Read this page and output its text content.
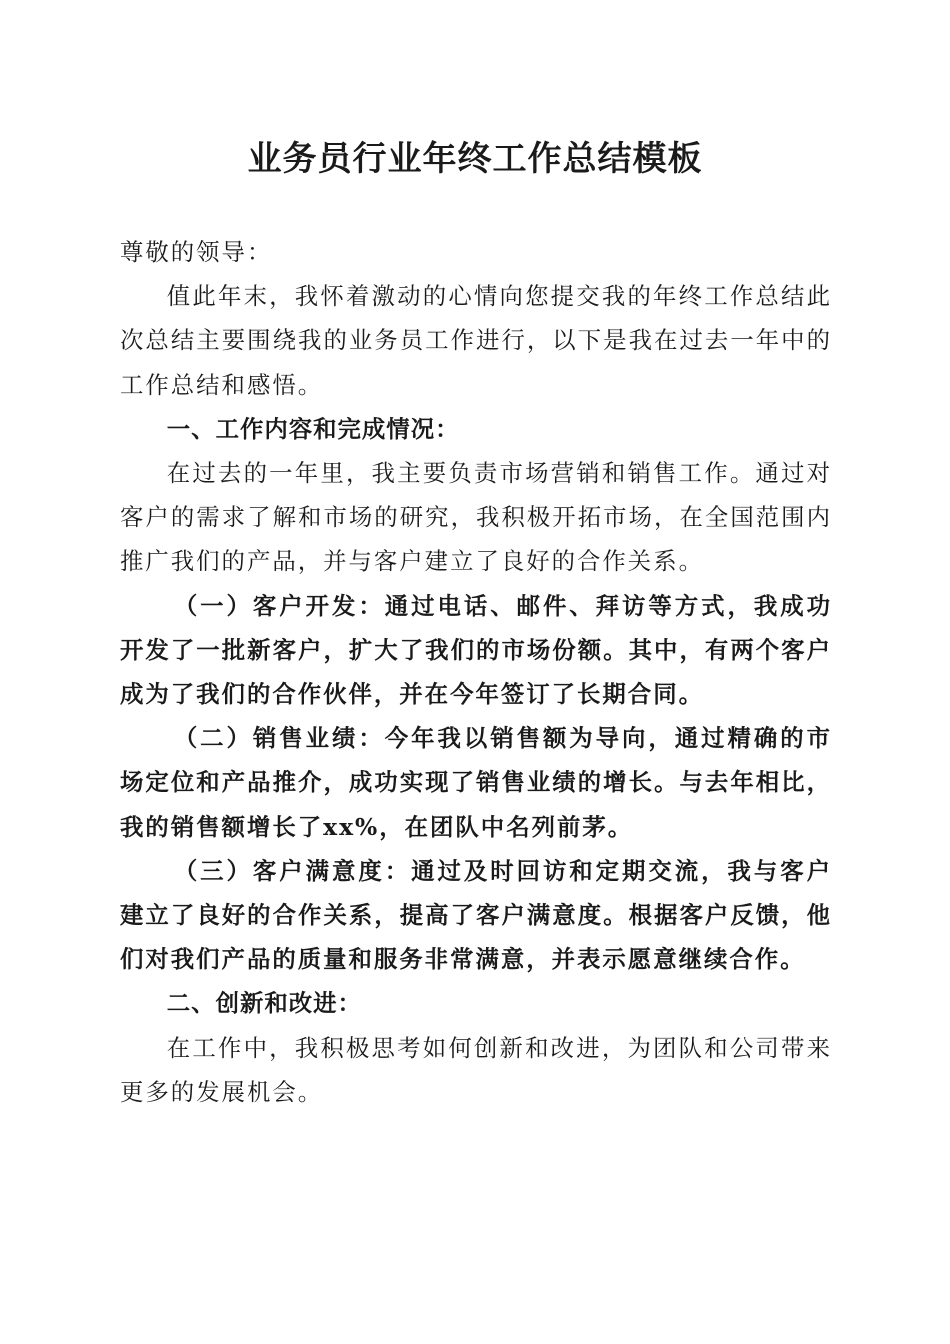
业务员行业年终工作总结模板

尊敬的领导：

值此年末，我怀着激动的心情向您提交我的年终工作总结此次总结主要围绕我的业务员工作进行，以下是我在过去一年中的工作总结和感悟。

一、工作内容和完成情况：

在过去的一年里，我主要负责市场营销和销售工作。通过对客户的需求了解和市场的研究，我积极开拓市场，在全国范围内推广我们的产品，并与客户建立了良好的合作关系。

（一）客户开发：通过电话、邮件、拜访等方式，我成功开发了一批新客户，扩大了我们的市场份额。其中，有两个客户成为了我们的合作伙伴，并在今年签订了长期合同。

（二）销售业绩：今年我以销售额为导向，通过精确的市场定位和产品推介，成功实现了销售业绩的增长。与去年相比，我的销售额增长了xx%，在团队中名列前茅。

（三）客户满意度：通过及时回访和定期交流，我与客户建立了良好的合作关系，提高了客户满意度。根据客户反馈，他们对我们产品的质量和服务非常满意，并表示愿意继续合作。

二、创新和改进：

在工作中，我积极思考如何创新和改进，为团队和公司带来更多的发展机会。
